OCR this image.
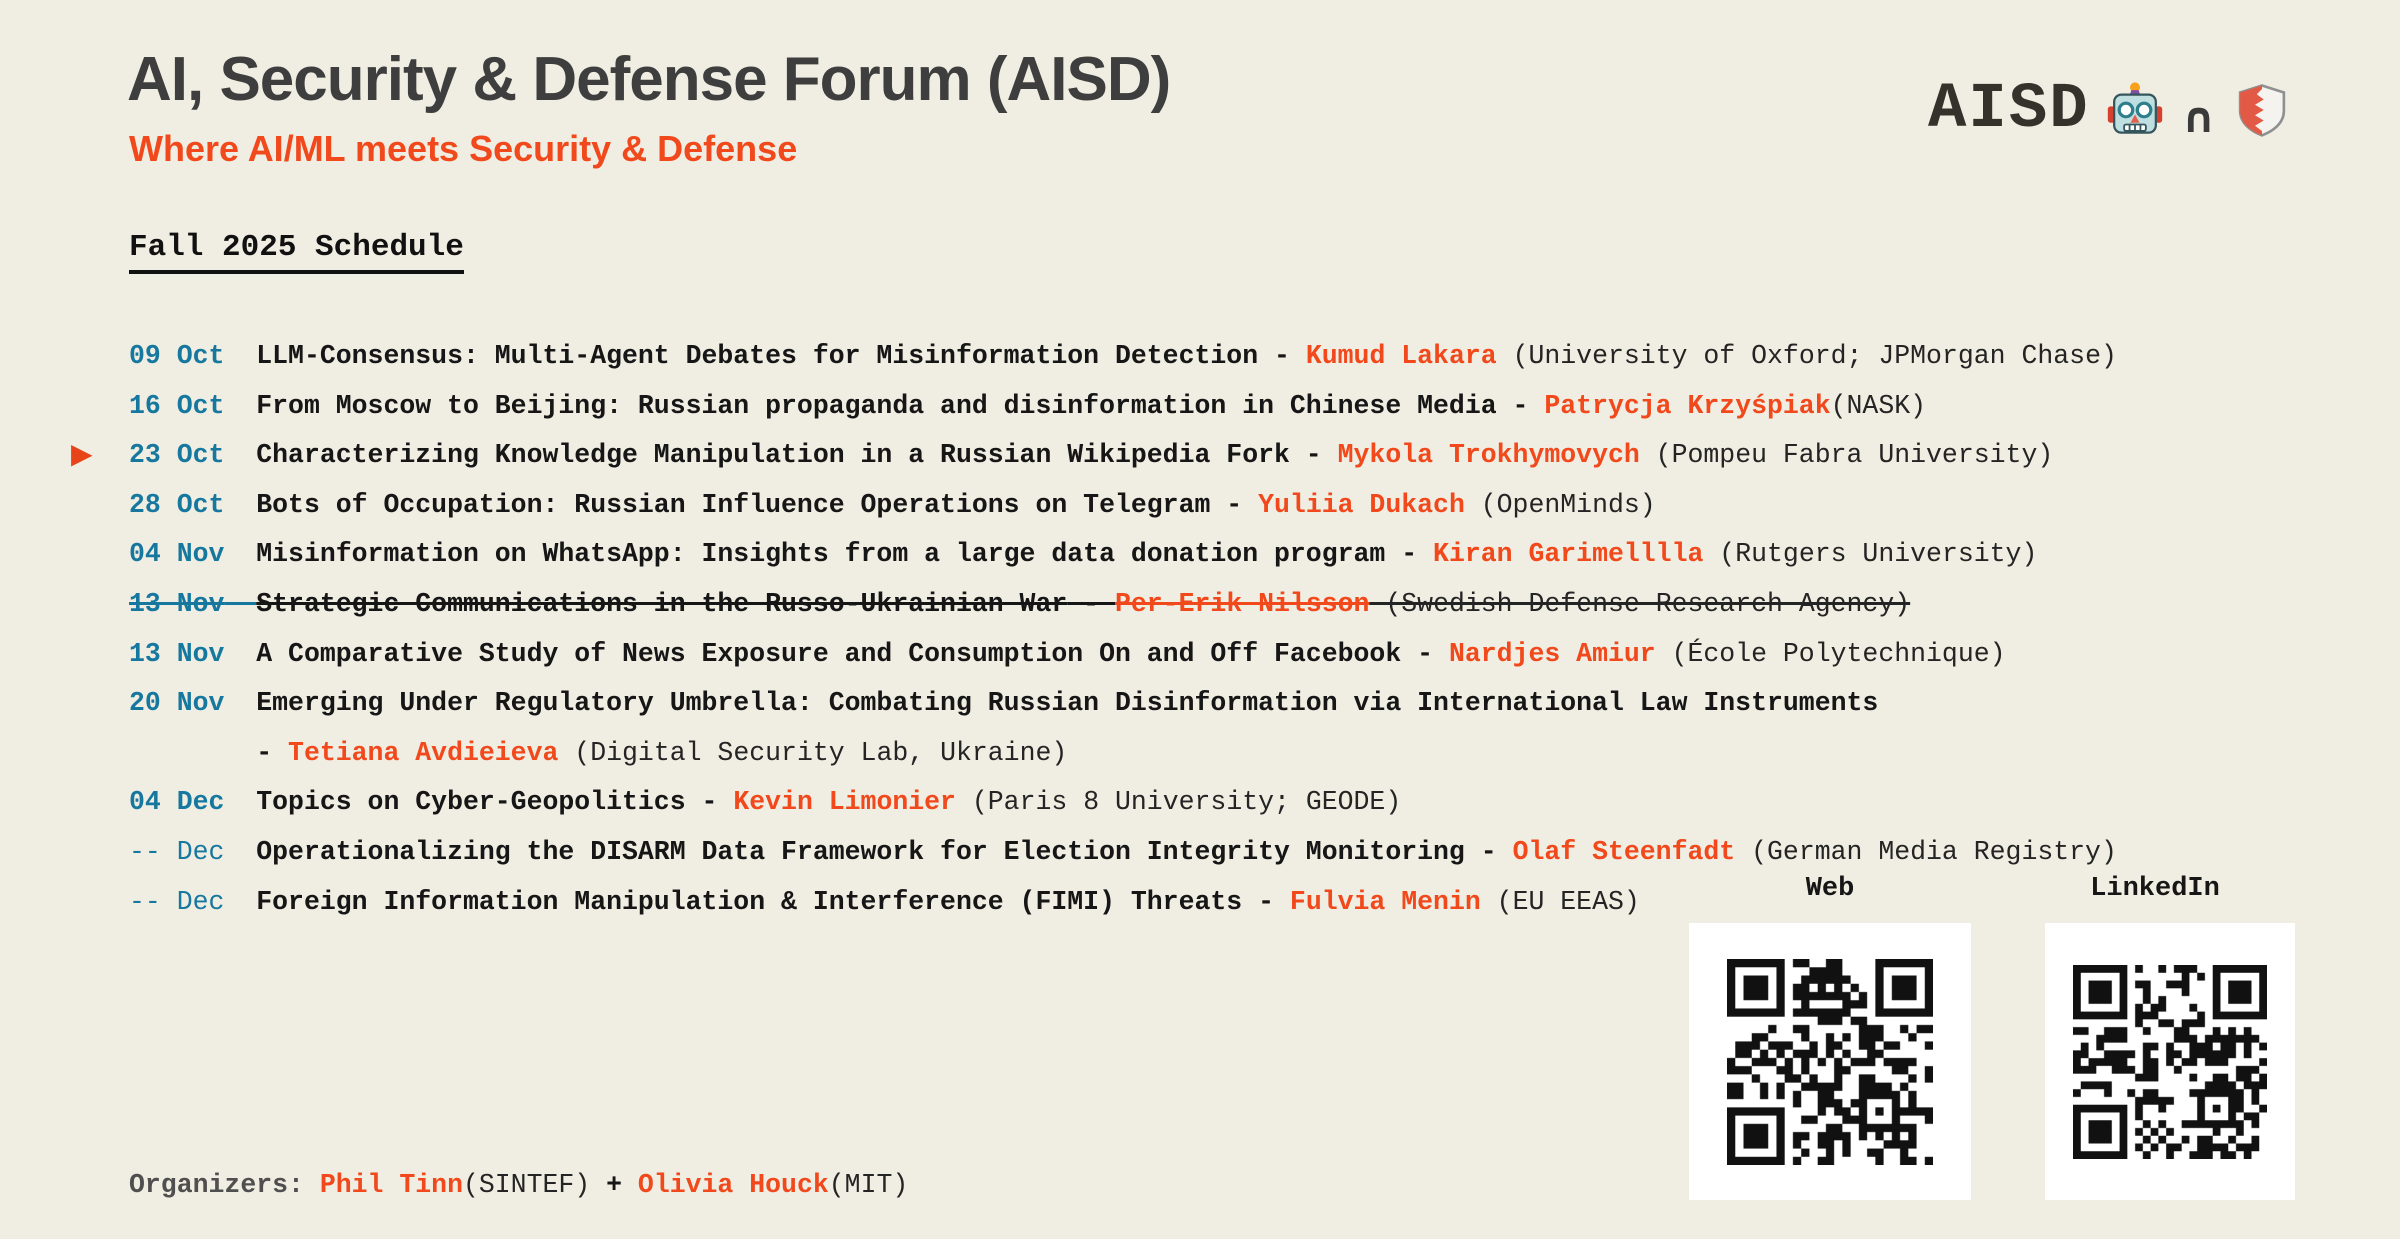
AI, Security & Defense Forum (AISD)
Where AI/ML meets Security & Defense
AISD ∩
Fall 2025 Schedule
09 Oct LLM-Consensus: Multi-Agent Debates for Misinformation Detection - Kumud Lakara (University of Oxford; JPMorgan Chase)
16 Oct From Moscow to Beijing: Russian propaganda and disinformation in Chinese Media - Patrycja Krzyśpiak(NASK)
▶ 23 Oct Characterizing Knowledge Manipulation in a Russian Wikipedia Fork - Mykola Trokhymovych (Pompeu Fabra University)
28 Oct Bots of Occupation: Russian Influence Operations on Telegram - Yuliia Dukach (OpenMinds)
04 Nov Misinformation on WhatsApp: Insights from a large data donation program - Kiran Garimelllla (Rutgers University)
13 Nov Strategic Communications in the Russo-Ukrainian War - Per-Erik Nilsson (Swedish Defense Research Agency)
13 Nov A Comparative Study of News Exposure and Consumption On and Off Facebook - Nardjes Amiur (École Polytechnique)
20 Nov Emerging Under Regulatory Umbrella: Combating Russian Disinformation via International Law Instruments
- Tetiana Avdieieva (Digital Security Lab, Ukraine)
04 Dec Topics on Cyber-Geopolitics - Kevin Limonier (Paris 8 University; GEODE)
-- Dec Operationalizing the DISARM Data Framework for Election Integrity Monitoring - Olaf Steenfadt (German Media Registry)
-- Dec Foreign Information Manipulation & Interference (FIMI) Threats - Fulvia Menin (EU EEAS)	Web	LinkedIn
Organizers: Phil Tinn(SINTEF) + Olivia Houck(MIT)
